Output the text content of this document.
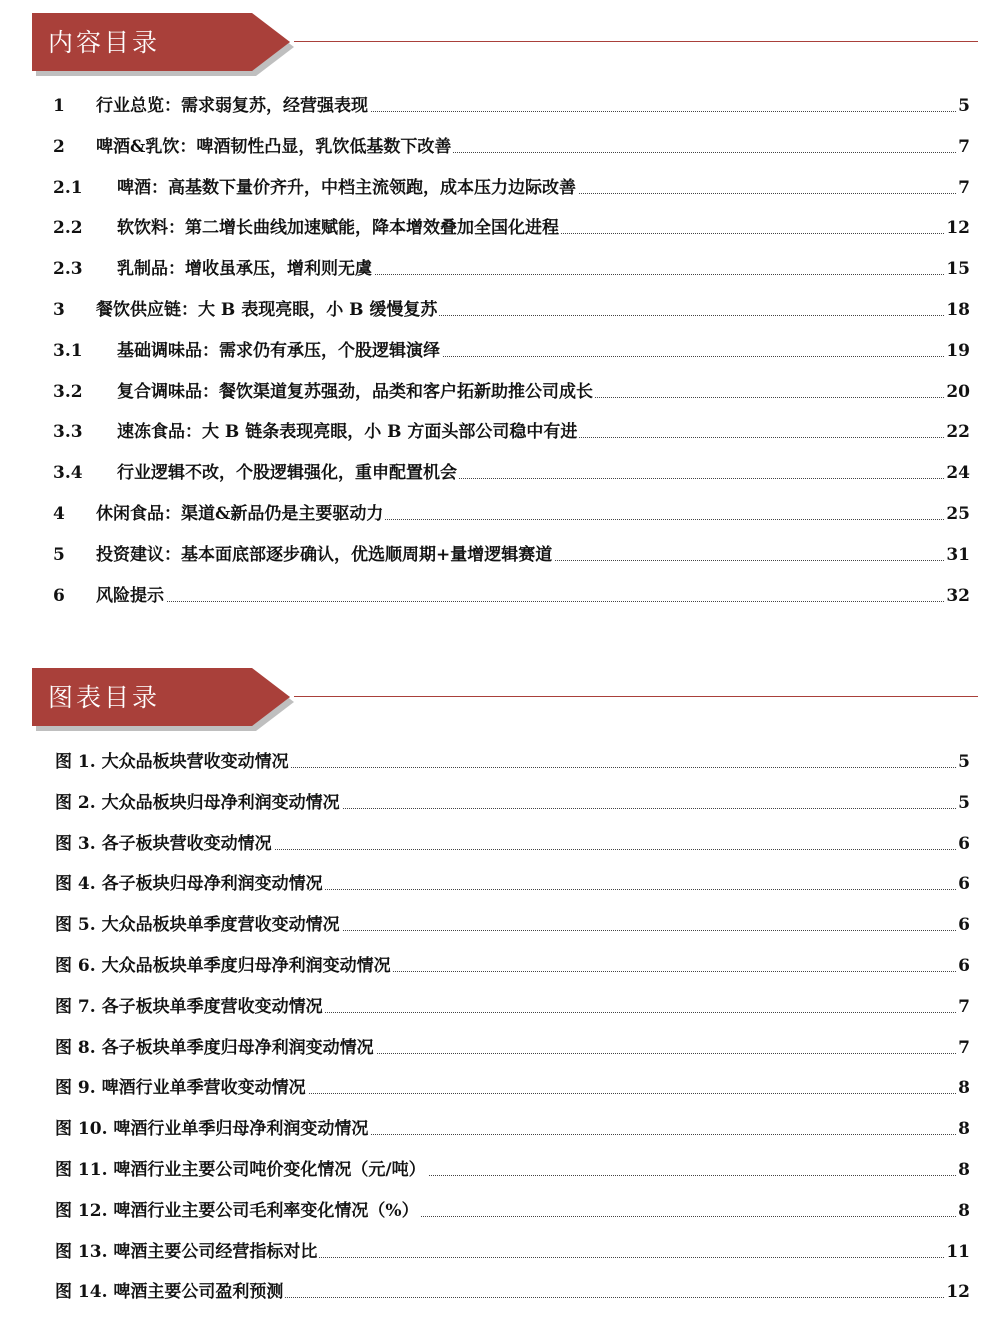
内容目录
1 行业总览：需求弱复苏，经营强表现	5
2 啤酒&乳饮：啤酒韧性凸显，乳饮低基数下改善	7
2.1 啤酒：高基数下量价齐升，中档主流领跑，成本压力边际改善	7
2.2 软饮料：第二增长曲线加速赋能，降本增效叠加全国化进程	12
2.3 乳制品：增收虽承压，增利则无虞	15
3 餐饮供应链：大 B 表现亮眼，小 B 缓慢复苏	18
3.1 基础调味品：需求仍有承压，个股逻辑演绎	19
3.2 复合调味品：餐饮渠道复苏强劲，品类和客户拓新助推公司成长	20
3.3 速冻食品：大 B 链条表现亮眼，小 B 方面头部公司稳中有进	22
3.4 行业逻辑不改，个股逻辑强化，重申配置机会	24
4 休闲食品：渠道&新品仍是主要驱动力	25
5 投资建议：基本面底部逐步确认，优选顺周期+量增逻辑赛道	31
6 风险提示	32
图表目录
图 1. 大众品板块营收变动情况	5
图 2. 大众品板块归母净利润变动情况	5
图 3. 各子板块营收变动情况	6
图 4. 各子板块归母净利润变动情况	6
图 5. 大众品板块单季度营收变动情况	6
图 6. 大众品板块单季度归母净利润变动情况	6
图 7. 各子板块单季度营收变动情况	7
图 8. 各子板块单季度归母净利润变动情况	7
图 9. 啤酒行业单季营收变动情况	8
图 10. 啤酒行业单季归母净利润变动情况	8
图 11. 啤酒行业主要公司吨价变化情况（元/吨）	8
图 12. 啤酒行业主要公司毛利率变化情况（%）	8
图 13. 啤酒主要公司经营指标对比	11
图 14. 啤酒主要公司盈利预测	12
